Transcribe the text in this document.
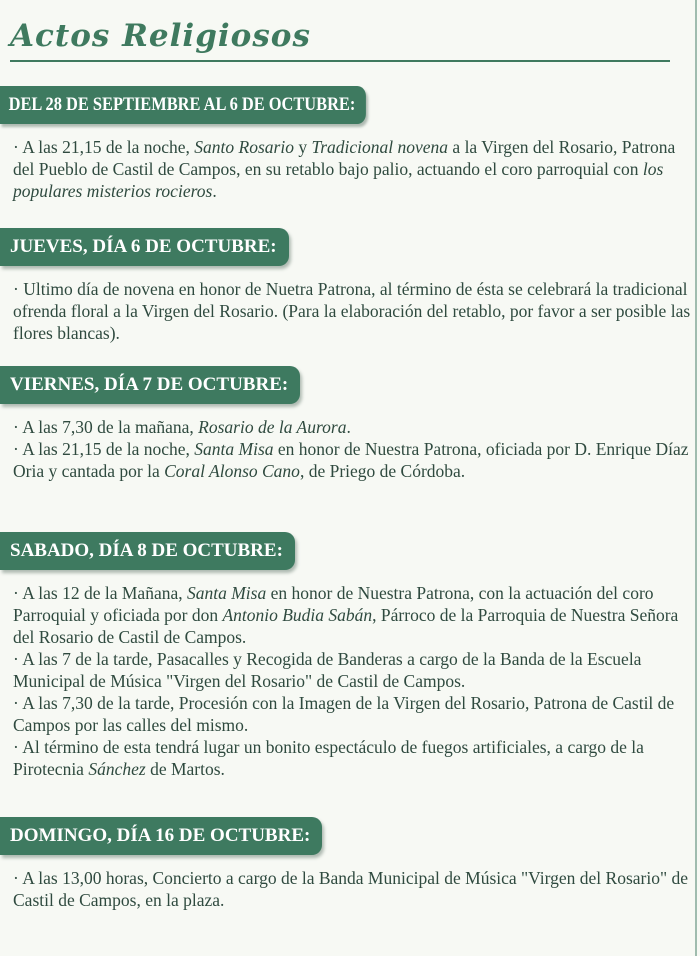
Actos Religiosos
DEL 28 DE SEPTIEMBRE AL 6 DE OCTUBRE:
· A las 21,15 de la noche, Santo Rosario y Tradicional novena a la Virgen del Rosario, Patrona del Pueblo de Castil de Campos, en su retablo bajo palio, actuando el coro parroquial con los populares misterios rocieros.
JUEVES, DÍA 6 DE OCTUBRE:
· Ultimo día de novena en honor de Nuetra Patrona, al término de ésta se celebrará la tradicional ofrenda floral a la Virgen del Rosario. (Para la elaboración del retablo, por favor a ser posible las flores blancas).
VIERNES, DÍA 7 DE OCTUBRE:
· A las 7,30 de la mañana, Rosario de la Aurora.
· A las 21,15 de la noche, Santa Misa en honor de Nuestra Patrona, oficiada por D. Enrique Díaz Oria y cantada por la Coral Alonso Cano, de Priego de Córdoba.
SABADO, DÍA 8 DE OCTUBRE:
· A las 12 de la Mañana, Santa Misa en honor de Nuestra Patrona, con la actuación del coro Parroquial y oficiada por don Antonio Budia Sabán, Párroco de la Parroquia de Nuestra Señora del Rosario de Castil de Campos.
· A las 7 de la tarde, Pasacalles y Recogida de Banderas a cargo de la Banda de la Escuela Municipal de Música "Virgen del Rosario" de Castil de Campos.
· A las 7,30 de la tarde, Procesión con la Imagen de la Virgen del Rosario, Patrona de Castil de Campos por las calles del mismo.
· Al término de esta tendrá lugar un bonito espectáculo de fuegos artificiales, a cargo de la Pirotecnia Sánchez de Martos.
DOMINGO, DÍA 16 DE OCTUBRE:
· A las 13,00 horas, Concierto a cargo de la Banda Municipal de Música "Virgen del Rosario" de Castil de Campos, en la plaza.
